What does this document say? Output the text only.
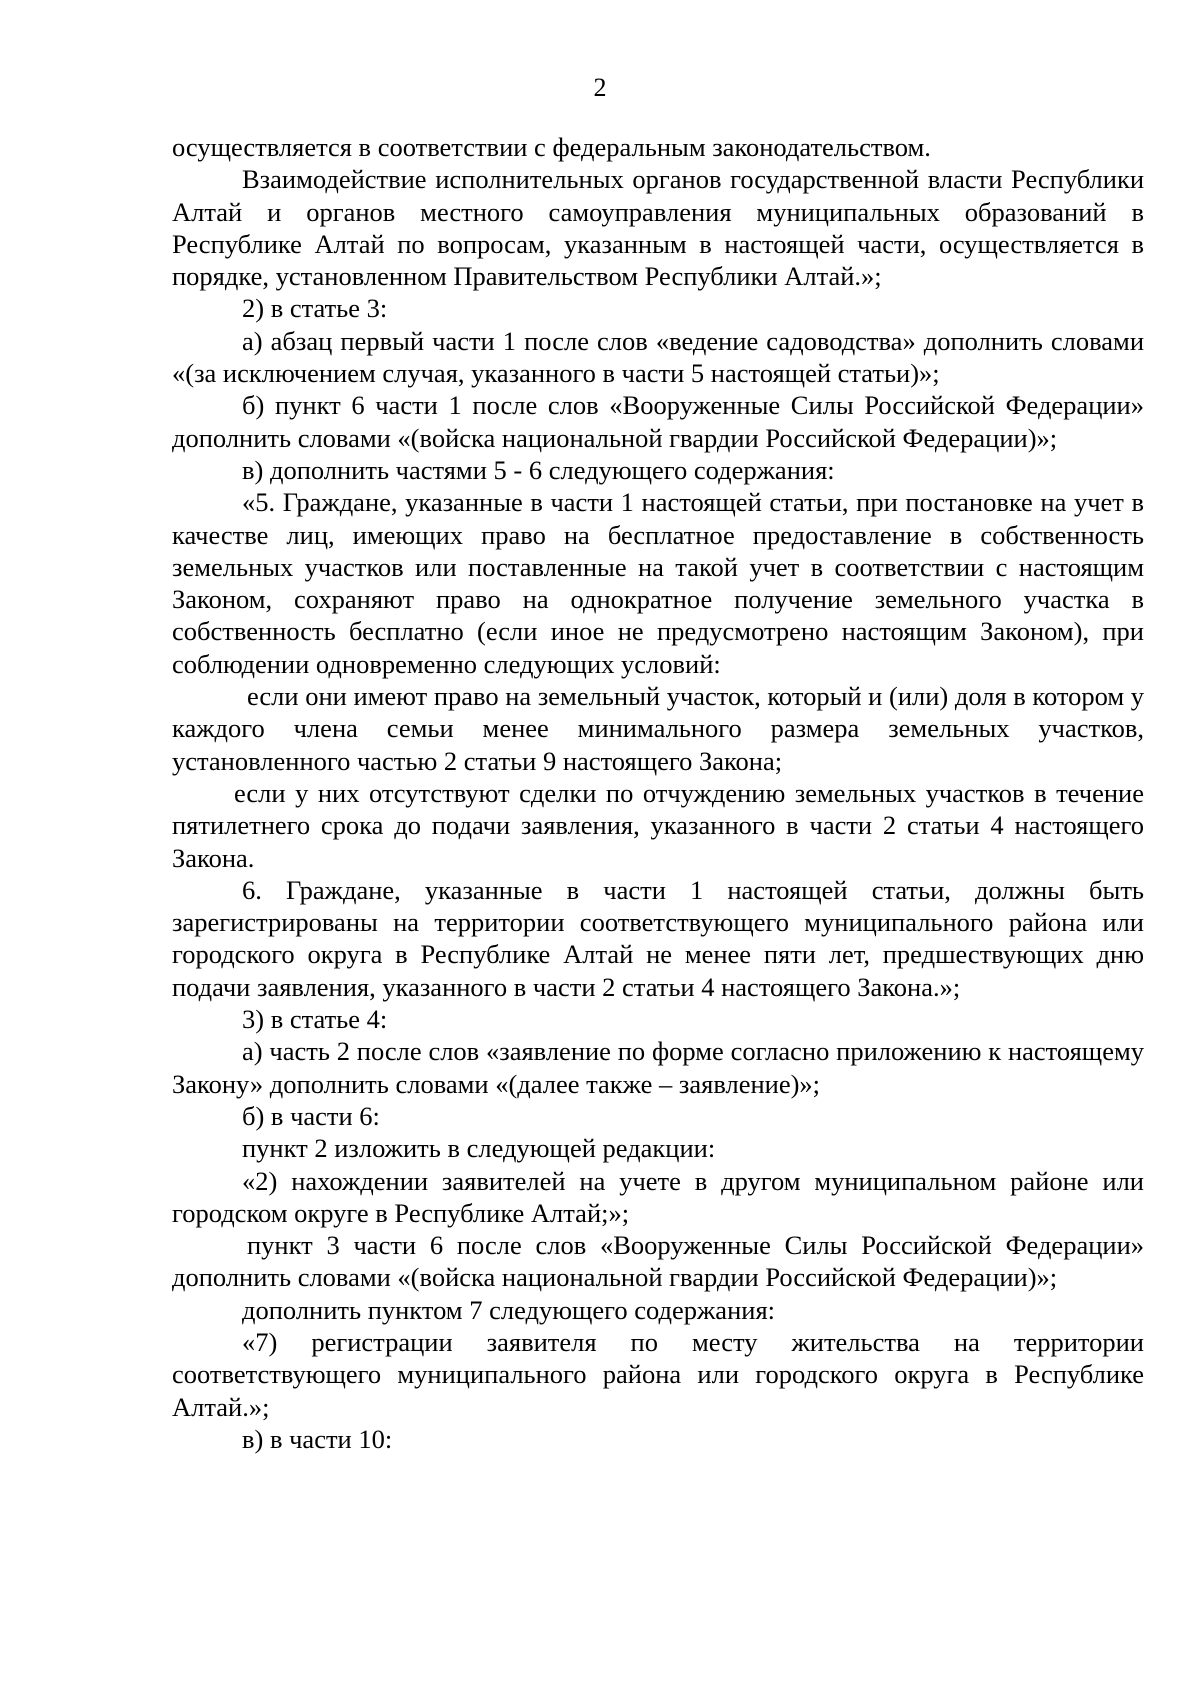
2

осуществляется в соответствии с федеральным законодательством.

Взаимодействие исполнительных органов государственной власти Республики Алтай и органов местного самоуправления муниципальных образований в Республике Алтай по вопросам, указанным в настоящей части, осуществляется в порядке, установленном Правительством Республики Алтай.»;

2) в статье 3:

а) абзац первый части 1 после слов «ведение садоводства» дополнить словами «(за исключением случая, указанного в части 5 настоящей статьи)»;

б) пункт 6 части 1 после слов «Вооруженные Силы Российской Федерации» дополнить словами «(войска национальной гвардии Российской Федерации)»;

в) дополнить частями 5 - 6 следующего содержания:

«5. Граждане, указанные в части 1 настоящей статьи, при постановке на учет в качестве лиц, имеющих право на бесплатное предоставление в собственность земельных участков или поставленные на такой учет в соответствии с настоящим Законом, сохраняют право на однократное получение земельного участка в собственность бесплатно (если иное не предусмотрено настоящим Законом), при соблюдении одновременно следующих условий:

если они имеют право на земельный участок, который и (или) доля в котором у каждого члена семьи менее минимального размера земельных участков, установленного частью 2 статьи 9 настоящего Закона;

если у них отсутствуют сделки по отчуждению земельных участков в течение пятилетнего срока до подачи заявления, указанного в части 2 статьи 4 настоящего Закона.

6. Граждане, указанные в части 1 настоящей статьи, должны быть зарегистрированы на территории соответствующего муниципального района или городского округа в Республике Алтай не менее пяти лет, предшествующих дню подачи заявления, указанного в части 2 статьи 4 настоящего Закона.»;

3) в статье 4:

а) часть 2 после слов «заявление по форме согласно приложению к настоящему Закону» дополнить словами «(далее также – заявление)»;

б) в части 6:

пункт 2 изложить в следующей редакции:

«2) нахождении заявителей на учете в другом муниципальном районе или городском округе в Республике Алтай;»;

пункт 3 части 6 после слов «Вооруженные Силы Российской Федерации» дополнить словами «(войска национальной гвардии Российской Федерации)»;

дополнить пунктом 7 следующего содержания:

«7) регистрации заявителя по месту жительства на территории соответствующего муниципального района или городского округа в Республике Алтай.»;

в) в части 10:
